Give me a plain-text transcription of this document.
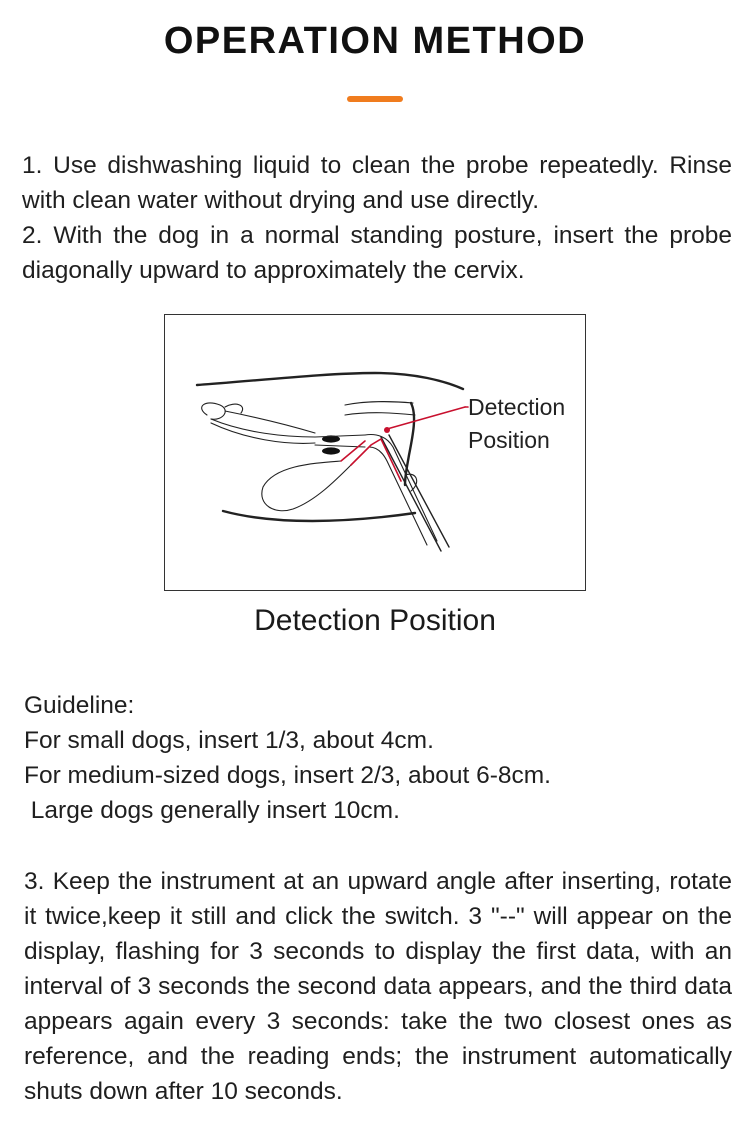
OPERATION METHOD

1. Use dishwashing liquid to clean the probe repeatedly. Rinse with clean water without drying and use directly.

2. With the dog in a normal standing posture, insert the probe diagonally upward to approximately the cervix.

Detection
Position
Detection Position

Guideline:

For small dogs, insert 1/3, about 4cm.

For medium-sized dogs, insert 2/3, about 6-8cm.

Large dogs generally insert 10cm.

3. Keep the instrument at an upward angle after inserting, rotate it twice,keep it still and click the switch. 3 "--" will appear on the display, flashing for 3 seconds to display the first data, with an interval of 3 seconds the second data appears, and the third data appears again every 3 seconds: take the two closest ones as reference, and the reading ends; the instrument automatically shuts down after 10 seconds.
